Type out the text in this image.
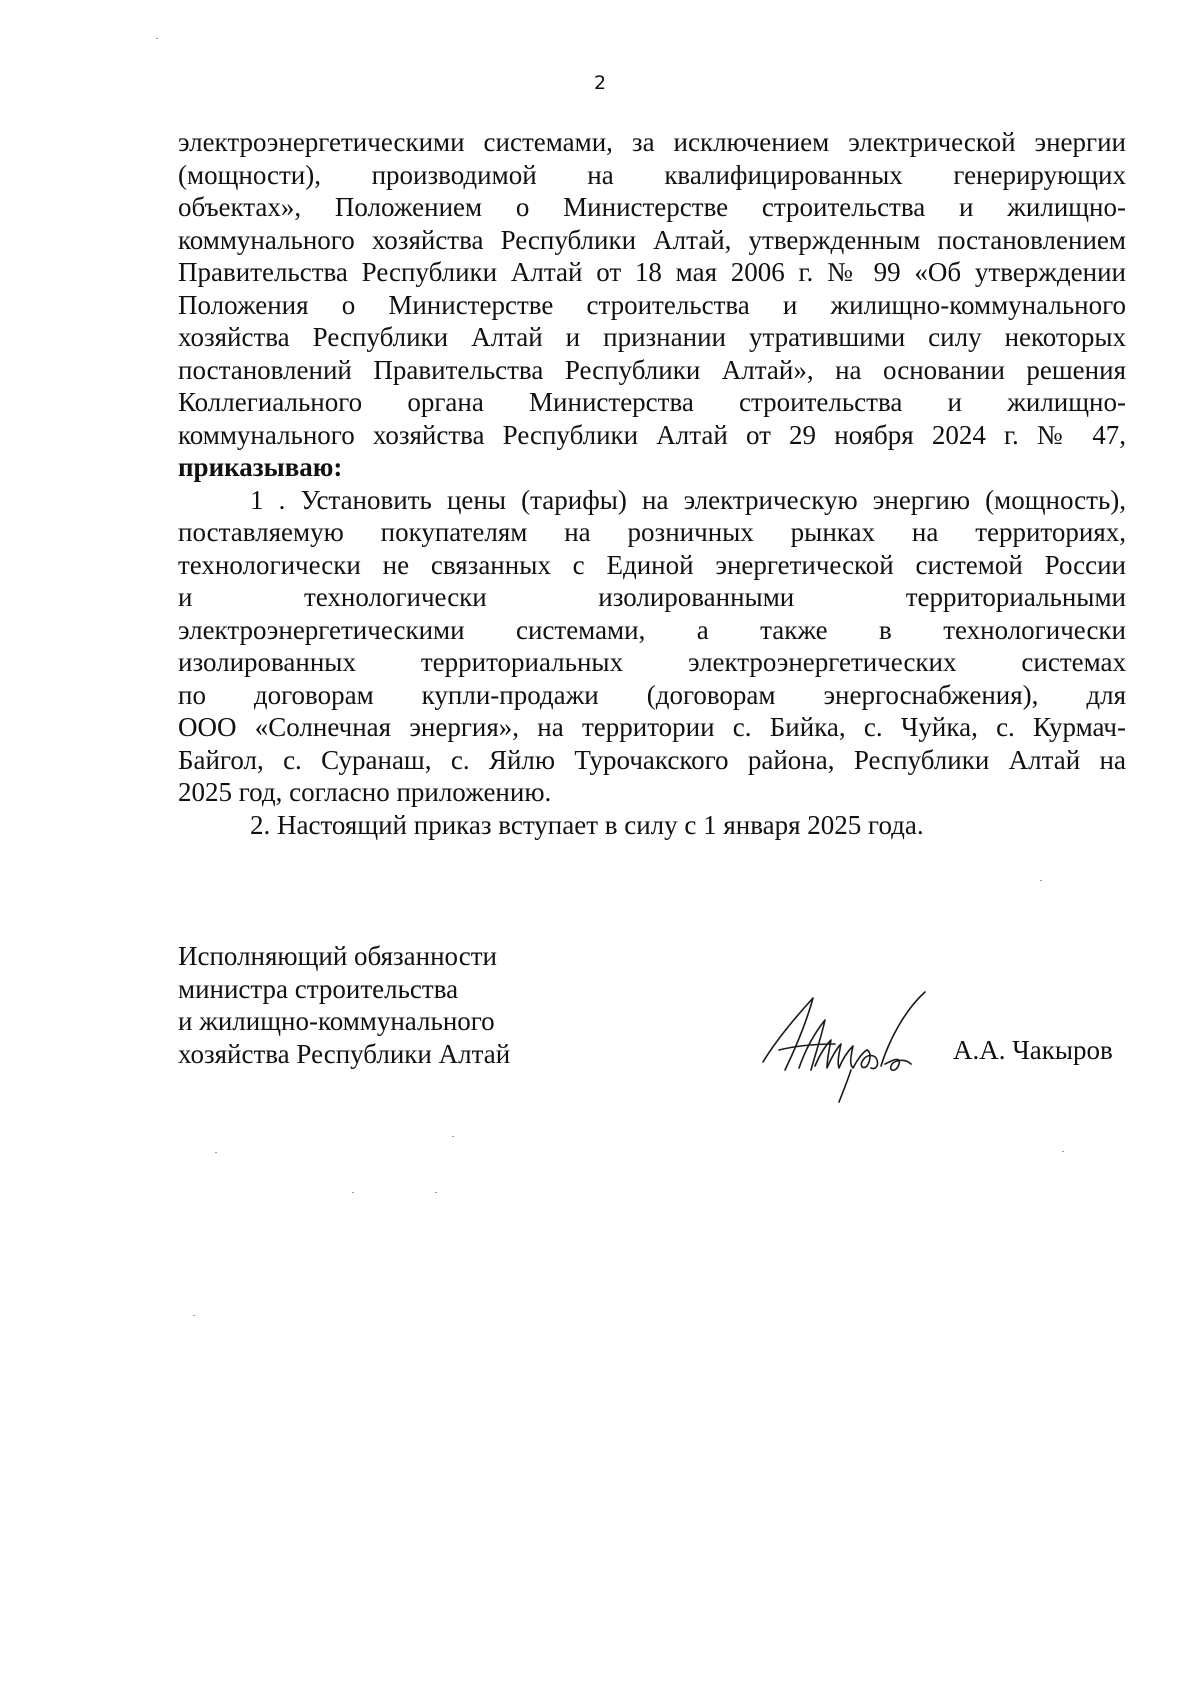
2
электроэнергетическими системами, за исключением электрической энергии
(мощности), производимой на квалифицированных генерирующих
объектах», Положением о Министерстве строительства и жилищно-
коммунального хозяйства Республики Алтай, утвержденным постановлением
Правительства Республики Алтай от 18 мая 2006 г. № 99 «Об утверждении
Положения о Министерстве строительства и жилищно-коммунального
хозяйства Республики Алтай и признании утратившими силу некоторых
постановлений Правительства Республики Алтай», на основании решения
Коллегиального органа Министерства строительства и жилищно-
коммунального хозяйства Республики Алтай от 29 ноября 2024 г. № 47,
приказываю:
1 . Установить цены (тарифы) на электрическую энергию (мощность),
поставляемую покупателям на розничных рынках на территориях,
технологически не связанных с Единой энергетической системой России
и технологически изолированными территориальными
электроэнергетическими системами, а также в технологически
изолированных территориальных электроэнергетических системах
по договорам купли-продажи (договорам энергоснабжения), для
ООО «Солнечная энергия», на территории с. Бийка, с. Чуйка, с. Курмач-
Байгол, с. Суранаш, с. Яйлю Турочакского района, Республики Алтай на
2025 год, согласно приложению.
2. Настоящий приказ вступает в силу с 1 января 2025 года.
Исполняющий обязанности
министра строительства
и жилищно-коммунального
хозяйства Республики Алтай	А.А. Чакыров
